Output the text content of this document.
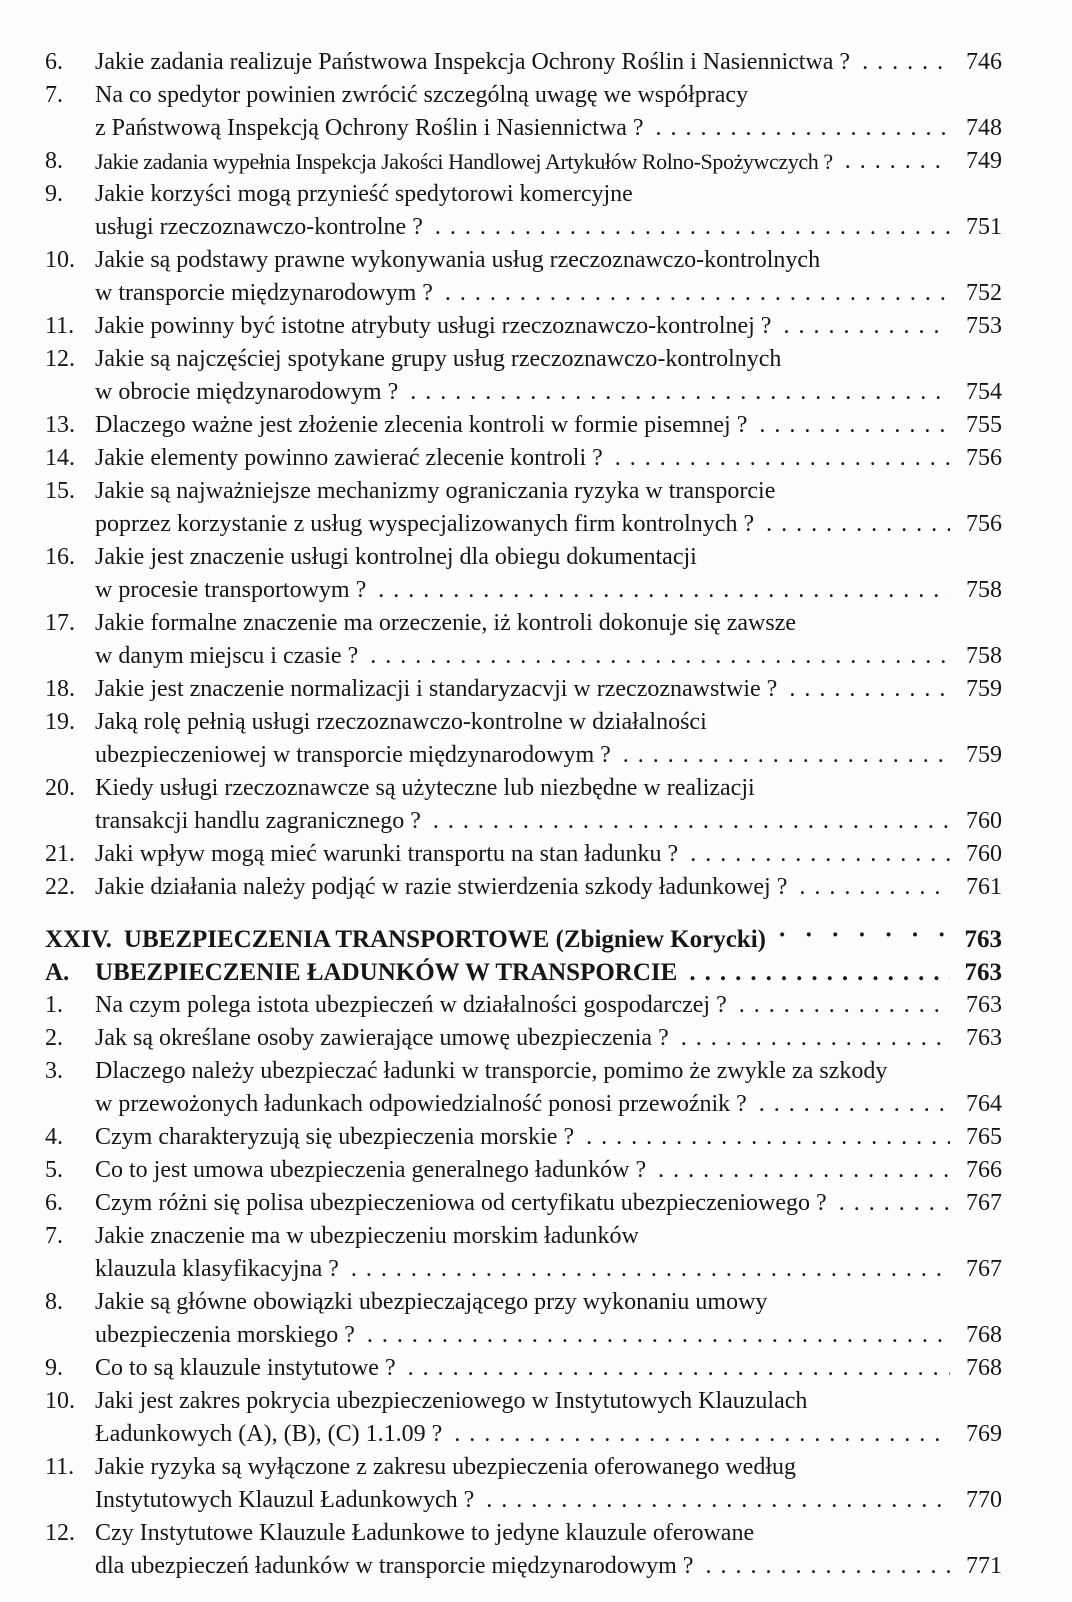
6.	Jakie zadania realizuje Państwowa Inspekcja Ochrony Roślin i Nasiennictwa ? .....	746
7.	Na co spedytor powinien zwrócić szczególną uwagę we współpracy
z Państwową Inspekcją Ochrony Roślin i Nasiennictwa ? .....	748
8.	Jakie zadania wypełnia Inspekcja Jakości Handlowej Artykułów Rolno-Spożywczych ? .....	749
9.	Jakie korzyści mogą przynieść spedytorowi komercyjne
usługi rzeczoznawczo-kontrolne ? .....	751
10. Jakie są podstawy prawne wykonywania usług rzeczoznawczo-kontrolnych
w transporcie międzynarodowym ? .....	752
11. Jakie powinny być istotne atrybuty usługi rzeczoznawczo-kontrolnej ? .....	753
12. Jakie są najczęściej spotykane grupy usług rzeczoznawczo-kontrolnych
w obrocie międzynarodowym ? .....	754
13. Dlaczego ważne jest złożenie zlecenia kontroli w formie pisemnej ? .....	755
14. Jakie elementy powinno zawierać zlecenie kontroli ? .....	756
15. Jakie są najważniejsze mechanizmy ograniczania ryzyka w transporcie
poprzez korzystanie z usług wyspecjalizowanych firm kontrolnych ? .....	756
16. Jakie jest znaczenie usługi kontrolnej dla obiegu dokumentacji
w procesie transportowym ? .....	758
17. Jakie formalne znaczenie ma orzeczenie, iż kontroli dokonuje się zawsze
w danym miejscu i czasie ? .....	758
18. Jakie jest znaczenie normalizacji i standaryzacvji w rzeczoznawstwie ? .....	759
19. Jaką rolę pełnią usługi rzeczoznawczo-kontrolne w działalności
ubezpieczeniowej w transporcie międzynarodowym ? .....	759
20. Kiedy usługi rzeczoznawcze są użyteczne lub niezbędne w realizacji
transakcji handlu zagranicznego ? .....	760
21. Jaki wpływ mogą mieć warunki transportu na stan ładunku ? .....	760
22. Jakie działania należy podjąć w razie stwierdzenia szkody ładunkowej ? .....	761
XXIV. UBEZPIECZENIA TRANSPORTOWE (Zbigniew Korycki) · · ·	763
A.	UBEZPIECZENIE ŁADUNKÓW W TRANSPORCIE .....	763
1.	Na czym polega istota ubezpieczeń w działalności gospodarczej ? .....	763
2.	Jak są określane osoby zawierające umowę ubezpieczenia ? .....	763
3.	Dlaczego należy ubezpieczać ładunki w transporcie, pomimo że zwykle za szkody
w przewożonych ładunkach odpowiedzialność ponosi przewoźnik ? .....	764
4.	Czym charakteryzują się ubezpieczenia morskie ? .....	765
5.	Co to jest umowa ubezpieczenia generalnego ładunków ? .....	766
6.	Czym różni się polisa ubezpieczeniowa od certyfikatu ubezpieczeniowego ? .....	767
7.	Jakie znaczenie ma w ubezpieczeniu morskim ładunków
klauzula klasyfikacyjna ? .....	767
8.	Jakie są główne obowiązki ubezpieczającego przy wykonaniu umowy
ubezpieczenia morskiego ? .....	768
9.	Co to są klauzule instytutowe ? .....	768
10. Jaki jest zakres pokrycia ubezpieczeniowego w Instytutowych Klauzulach
Ładunkowych (A), (B), (C) 1.1.09 ? .....	769
11. Jakie ryzyka są wyłączone z zakresu ubezpieczenia oferowanego według
Instytutowych Klauzul Ładunkowych ? .....	770
12. Czy Instytutowe Klauzule Ładunkowe to jedyne klauzule oferowane
dla ubezpieczeń ładunków w transporcie międzynarodowym ? .....	771
